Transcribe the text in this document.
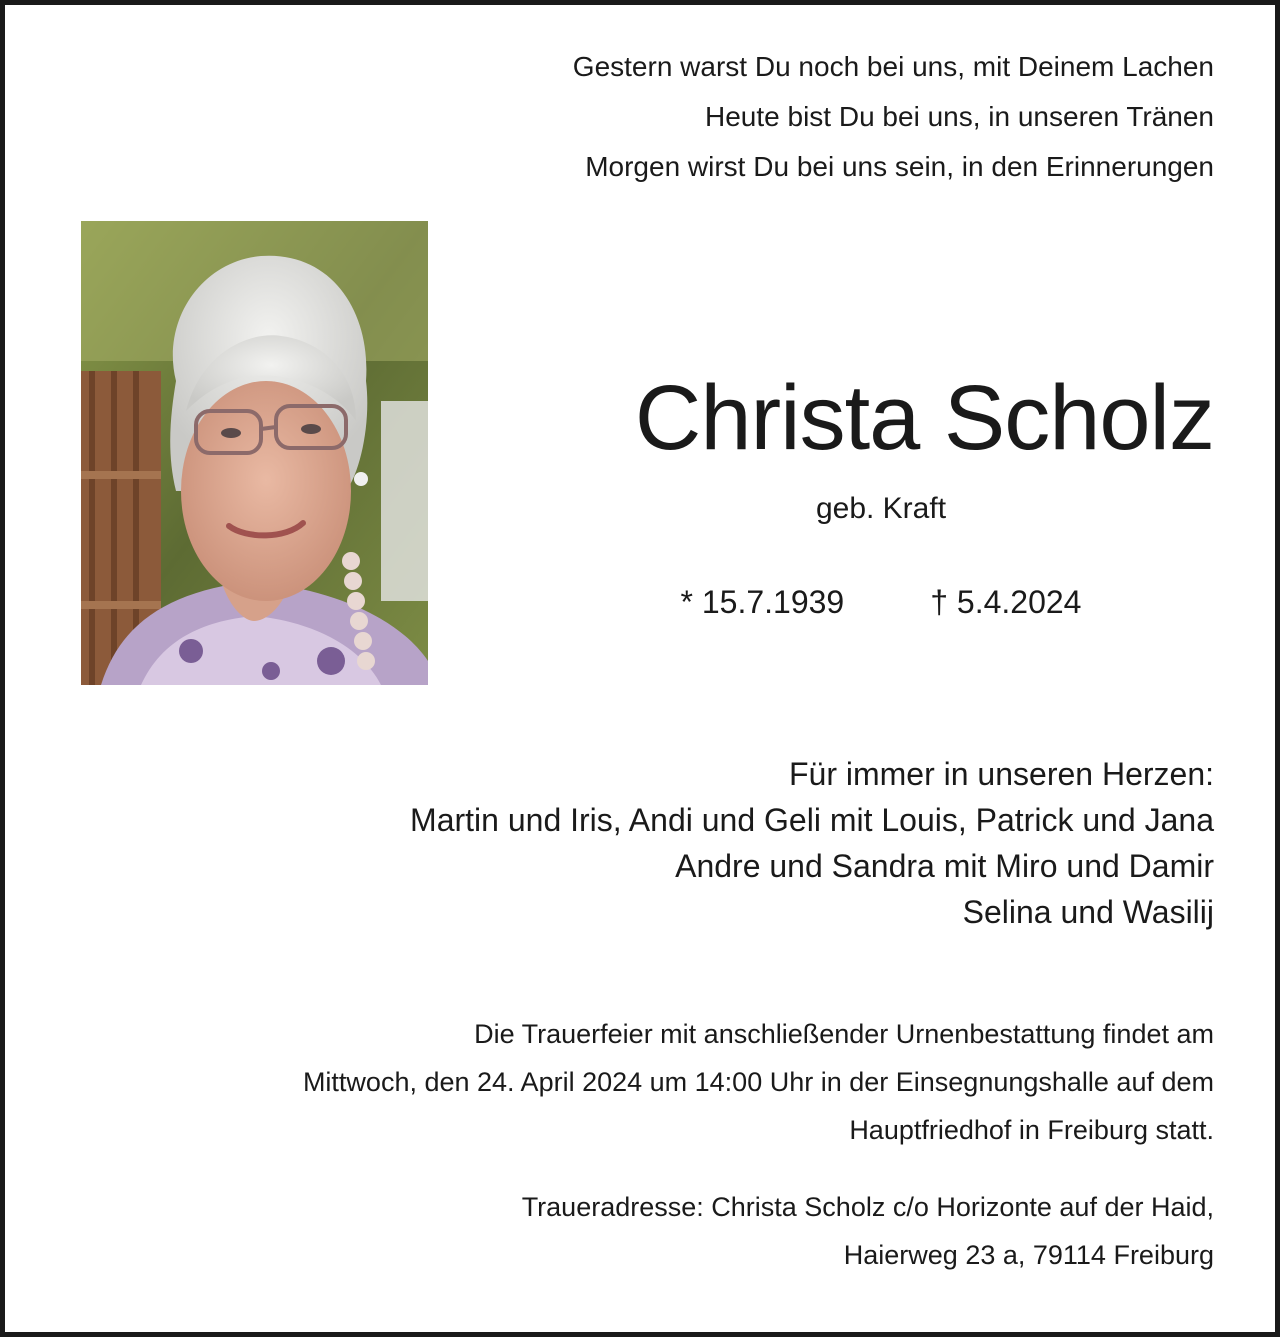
Gestern warst Du noch bei uns, mit Deinem Lachen
Heute bist Du bei uns, in unseren Tränen
Morgen wirst Du bei uns sein, in den Erinnerungen
Christa Scholz
geb. Kraft
* 15.7.1939	† 5.4.2024
Für immer in unseren Herzen:
Martin und Iris, Andi und Geli mit Louis, Patrick und Jana
Andre und Sandra mit Miro und Damir
Selina und Wasilij
Die Trauerfeier mit anschließender Urnenbestattung findet am
Mittwoch, den 24. April 2024 um 14:00 Uhr in der Einsegnungshalle auf dem
Hauptfriedhof in Freiburg statt.
Traueradresse: Christa Scholz c/o Horizonte auf der Haid,
Haierweg 23 a, 79114 Freiburg
